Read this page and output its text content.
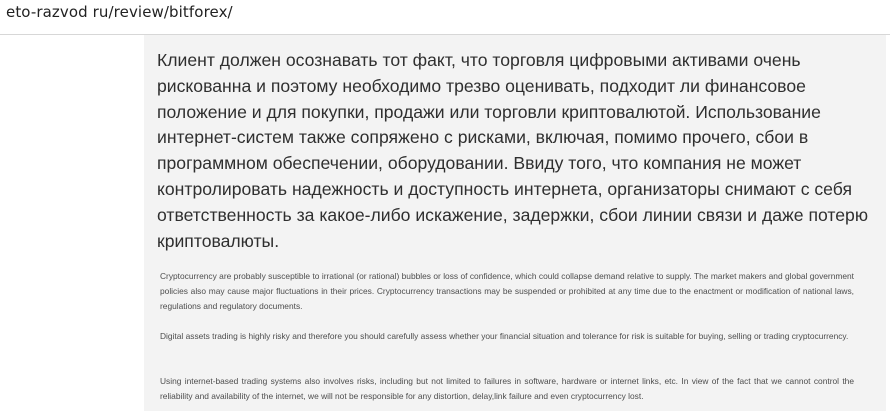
eto-razvod ru/review/bitforex/

Клиент должен осознавать тот факт, что торговля цифровыми активами очень рискованна и поэтому необходимо трезво оценивать, подходит ли финансовое положение и для покупки, продажи или торговли криптовалютой. Использование интернет-систем также сопряжено с рисками, включая, помимо прочего, сбои в программном обеспечении, оборудовании. Ввиду того, что компания не может контролировать надежность и доступность интернета, организаторы снимают с себя ответственность за какое-либо искажение, задержки, сбои линии связи и даже потерю криптовалюты.

Cryptocurrency are probably susceptible to irrational (or rational) bubbles or loss of confidence, which could collapse demand relative to supply. The market makers and global government policies also may cause major fluctuations in their prices. Cryptocurrency transactions may be suspended or prohibited at any time due to the enactment or modification of national laws, regulations and regulatory documents.

Digital assets trading is highly risky and therefore you should carefully assess whether your financial situation and tolerance for risk is suitable for buying, selling or trading cryptocurrency.

Using internet-based trading systems also involves risks, including but not limited to failures in software, hardware or internet links, etc. In view of the fact that we cannot control the reliability and availability of the internet, we will not be responsible for any distortion, delay,link failure and even cryptocurrency lost.
